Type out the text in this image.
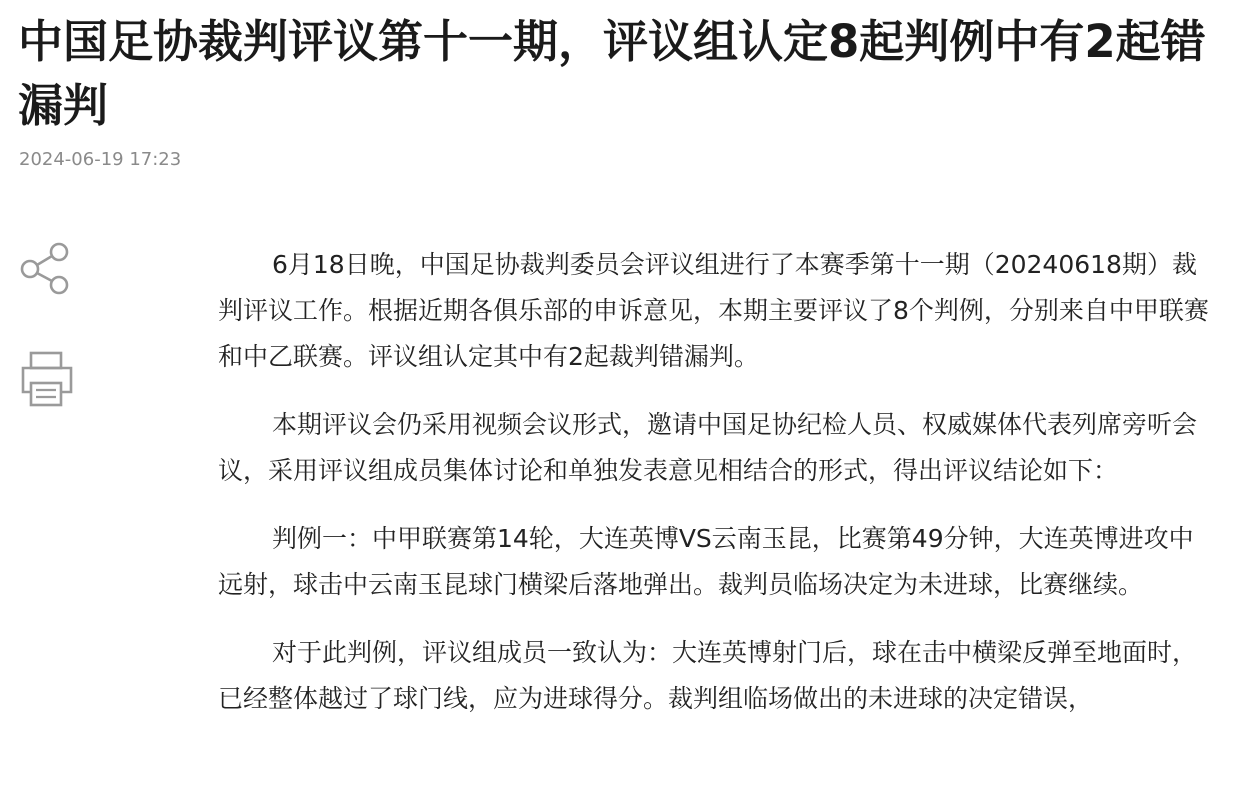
中国足协裁判评议第十一期，评议组认定8起判例中有2起错漏判
2024-06-19 17:23

6月18日晚，中国足协裁判委员会评议组进行了本赛季第十一期（20240618期）裁判评议工作。根据近期各俱乐部的申诉意见，本期主要评议了8个判例，分别来自中甲联赛和中乙联赛。评议组认定其中有2起裁判错漏判。

本期评议会仍采用视频会议形式，邀请中国足协纪检人员、权威媒体代表列席旁听会议，采用评议组成员集体讨论和单独发表意见相结合的形式，得出评议结论如下：

判例一：中甲联赛第14轮，大连英博VS云南玉昆，比赛第49分钟，大连英博进攻中远射，球击中云南玉昆球门横梁后落地弹出。裁判员临场决定为未进球，比赛继续。

对于此判例，评议组成员一致认为：大连英博射门后，球在击中横梁反弹至地面时，已经整体越过了球门线，应为进球得分。裁判组临场做出的未进球的决定错误，
